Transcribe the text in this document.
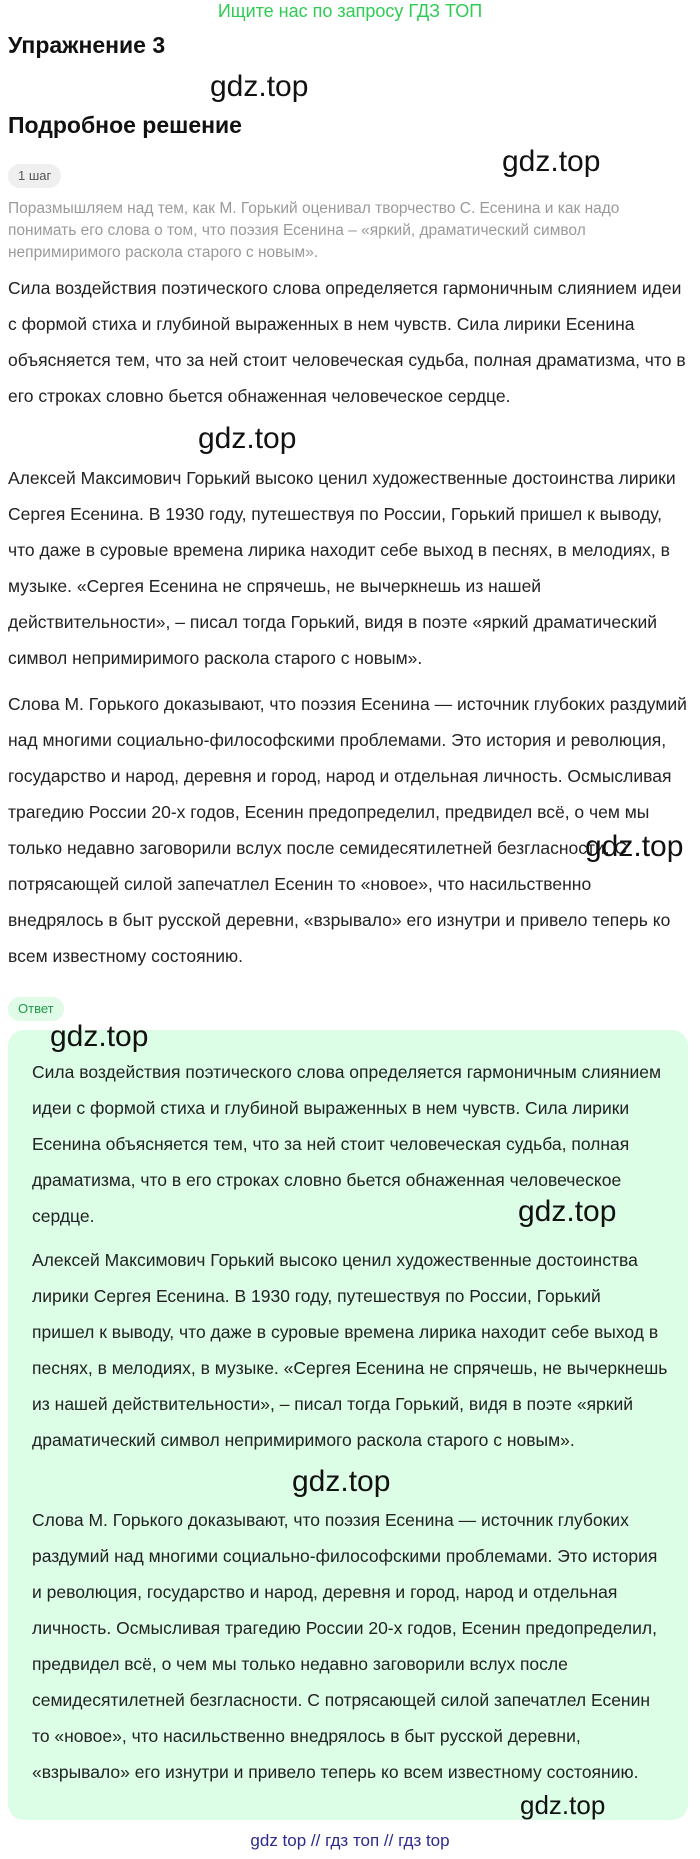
Ищите нас по запросу ГДЗ ТОП
Упражнение 3
gdz.top
Подробное решение
gdz.top
1 шаг
Поразмышляем над тем, как М. Горький оценивал творчество С. Есенина и как надо понимать его слова о том, что поэзия Есенина – «яркий, драматический символ непримиримого раскола старого с новым».
Сила воздействия поэтического слова определяется гармоничным слиянием идеи с формой стиха и глубиной выраженных в нем чувств. Сила лирики Есенина объясняется тем, что за ней стоит человеческая судьба, полная драматизма, что в его строках словно бьется обнаженная человеческое сердце.
gdz.top
Алексей Максимович Горький высоко ценил художественные достоинства лирики Сергея Есенина. В 1930 году, путешествуя по России, Горький пришел к выводу, что даже в суровые времена лирика находит себе выход в песнях, в мелодиях, в музыке. «Сергея Есенина не спрячешь, не вычеркнешь из нашей действительности», – писал тогда Горький, видя в поэте «яркий драматический символ непримиримого раскола старого с новым».
Слова М. Горького доказывают, что поэзия Есенина — источник глубоких раздумий над многими социально-философскими проблемами. Это история и революция, государство и народ, деревня и город, народ и отдельная личность. Осмысливая трагедию России 20-х годов, Есенин предопределил, предвидел всё, о чем мы только недавно заговорили вслух после семидесятилетней безгласности. С потрясающей силой запечатлел Есенин то «новое», что насильственно внедрялось в быт русской деревни, «взрывало» его изнутри и привело теперь ко всем известному состоянию.
gdz.top
Ответ
gdz.top
Сила воздействия поэтического слова определяется гармоничным слиянием идеи с формой стиха и глубиной выраженных в нем чувств. Сила лирики Есенина объясняется тем, что за ней стоит человеческая судьба, полная драматизма, что в его строках словно бьется обнаженная человеческое сердце.	gdz.top
Алексей Максимович Горький высоко ценил художественные достоинства лирики Сергея Есенина. В 1930 году, путешествуя по России, Горький пришел к выводу, что даже в суровые времена лирика находит себе выход в песнях, в мелодиях, в музыке. «Сергея Есенина не спрячешь, не вычеркнешь из нашей действительности», – писал тогда Горький, видя в поэте «яркий драматический символ непримиримого раскола старого с новым».
gdz.top
Слова М. Горького доказывают, что поэзия Есенина — источник глубоких раздумий над многими социально-философскими проблемами. Это история и революция, государство и народ, деревня и город, народ и отдельная личность. Осмысливая трагедию России 20-х годов, Есенин предопределил, предвидел всё, о чем мы только недавно заговорили вслух после семидесятилетней безгласности. С потрясающей силой запечатлел Есенин то «новое», что насильственно внедрялось в быт русской деревни, «взрывало» его изнутри и привело теперь ко всем известному состоянию.
gdz.top
gdz top // гдз топ // гдз top
